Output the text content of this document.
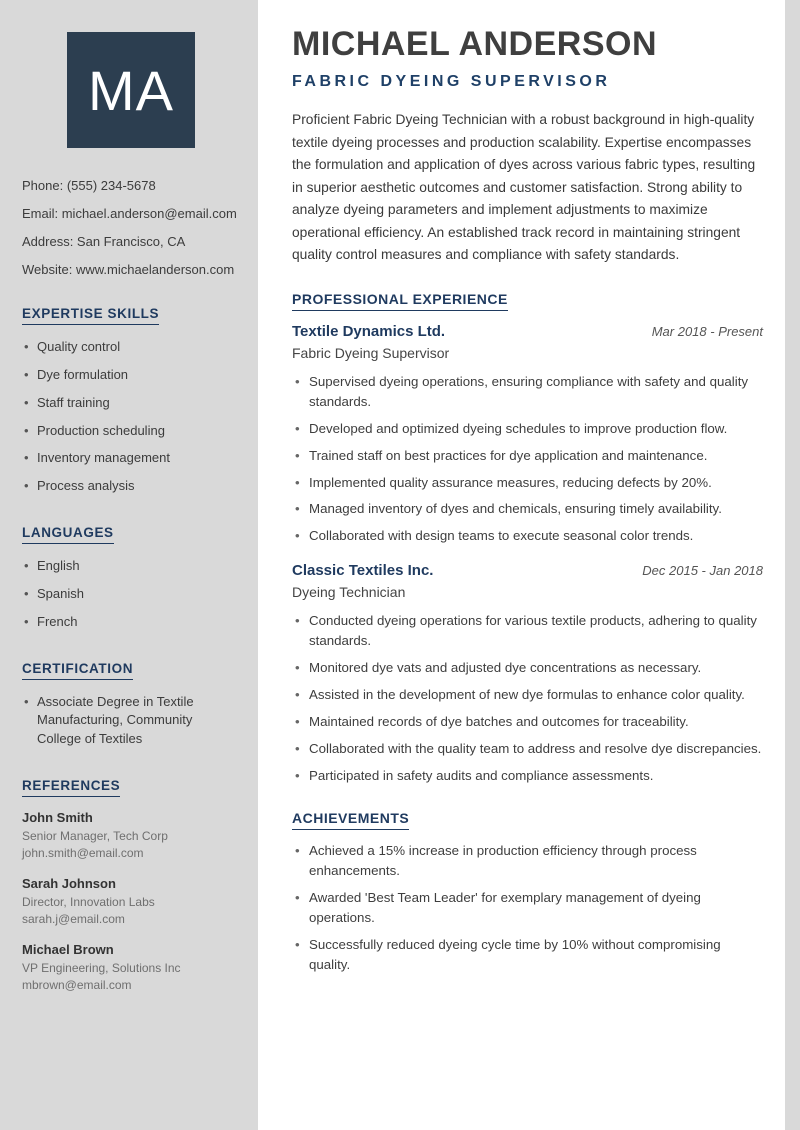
MA
Phone: (555) 234-5678
Email: michael.anderson@email.com
Address: San Francisco, CA
Website: www.michaelanderson.com
EXPERTISE SKILLS
• Quality control
• Dye formulation
• Staff training
• Production scheduling
• Inventory management
• Process analysis
LANGUAGES
• English
• Spanish
• French
CERTIFICATION
• Associate Degree in Textile Manufacturing, Community College of Textiles
REFERENCES
John Smith
Senior Manager, Tech Corp
john.smith@email.com
Sarah Johnson
Director, Innovation Labs
sarah.j@email.com
Michael Brown
VP Engineering, Solutions Inc
mbrown@email.com
MICHAEL ANDERSON
FABRIC DYEING SUPERVISOR

Proficient Fabric Dyeing Technician with a robust background in high-quality textile dyeing processes and production scalability. Expertise encompasses the formulation and application of dyes across various fabric types, resulting in superior aesthetic outcomes and customer satisfaction. Strong ability to analyze dyeing parameters and implement adjustments to maximize operational efficiency. An established track record in maintaining stringent quality control measures and compliance with safety standards.

PROFESSIONAL EXPERIENCE
Textile Dynamics Ltd.	Mar 2018 - Present
Fabric Dyeing Supervisor
• Supervised dyeing operations, ensuring compliance with safety and quality standards.
• Developed and optimized dyeing schedules to improve production flow.
• Trained staff on best practices for dye application and maintenance.
• Implemented quality assurance measures, reducing defects by 20%.
• Managed inventory of dyes and chemicals, ensuring timely availability.
• Collaborated with design teams to execute seasonal color trends.
Classic Textiles Inc.	Dec 2015 - Jan 2018
Dyeing Technician
• Conducted dyeing operations for various textile products, adhering to quality standards.
• Monitored dye vats and adjusted dye concentrations as necessary.
• Assisted in the development of new dye formulas to enhance color quality.
• Maintained records of dye batches and outcomes for traceability.
• Collaborated with the quality team to address and resolve dye discrepancies.
• Participated in safety audits and compliance assessments.
ACHIEVEMENTS
• Achieved a 15% increase in production efficiency through process enhancements.
• Awarded 'Best Team Leader' for exemplary management of dyeing operations.
• Successfully reduced dyeing cycle time by 10% without compromising quality.
